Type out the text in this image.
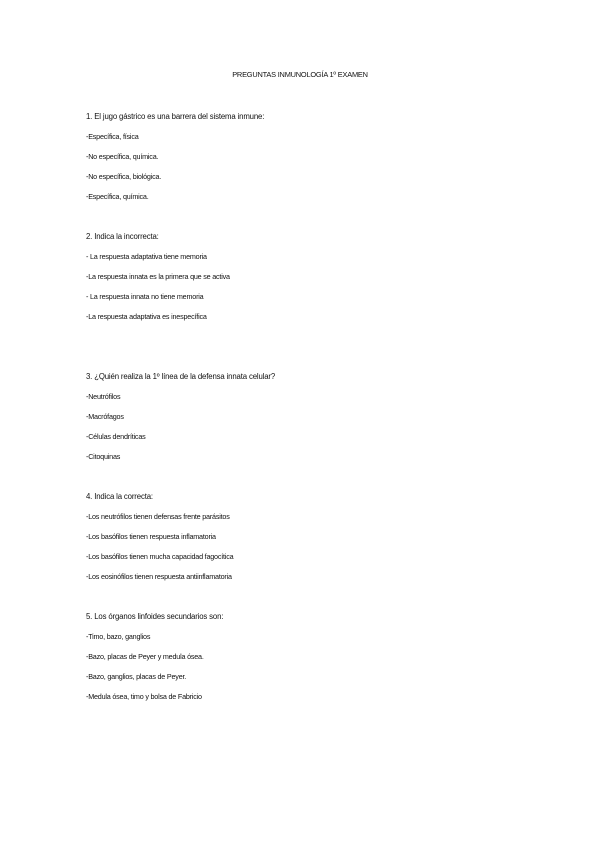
PREGUNTAS INMUNOLOGÍA 1º EXAMEN

1. El jugo gástrico es una barrera del sistema inmune:

-Específica, física
-No específica, química.
-No específica, biológica.
-Específica, química.

2. Indica la incorrecta:

- La respuesta adaptativa tiene memoria
-La respuesta innata es la primera que se activa
- La respuesta innata no tiene memoria
-La respuesta adaptativa es inespecífica

3. ¿Quién realiza la 1º línea de la defensa innata celular?

-Neutrófilos
-Macrófagos
-Células dendríticas
-Citoquinas

4. Indica la correcta:

-Los neutrófilos tienen defensas frente parásitos
-Los basófilos tienen respuesta inflamatoria
-Los basófilos tienen mucha capacidad fagocítica
-Los eosinófilos tienen respuesta antiinflamatoria

5. Los órganos linfoides secundarios son:

-Timo, bazo, ganglios
-Bazo, placas de Peyer y medula ósea.
-Bazo, ganglios, placas de Peyer.
-Medula ósea, timo y bolsa de Fabricio
